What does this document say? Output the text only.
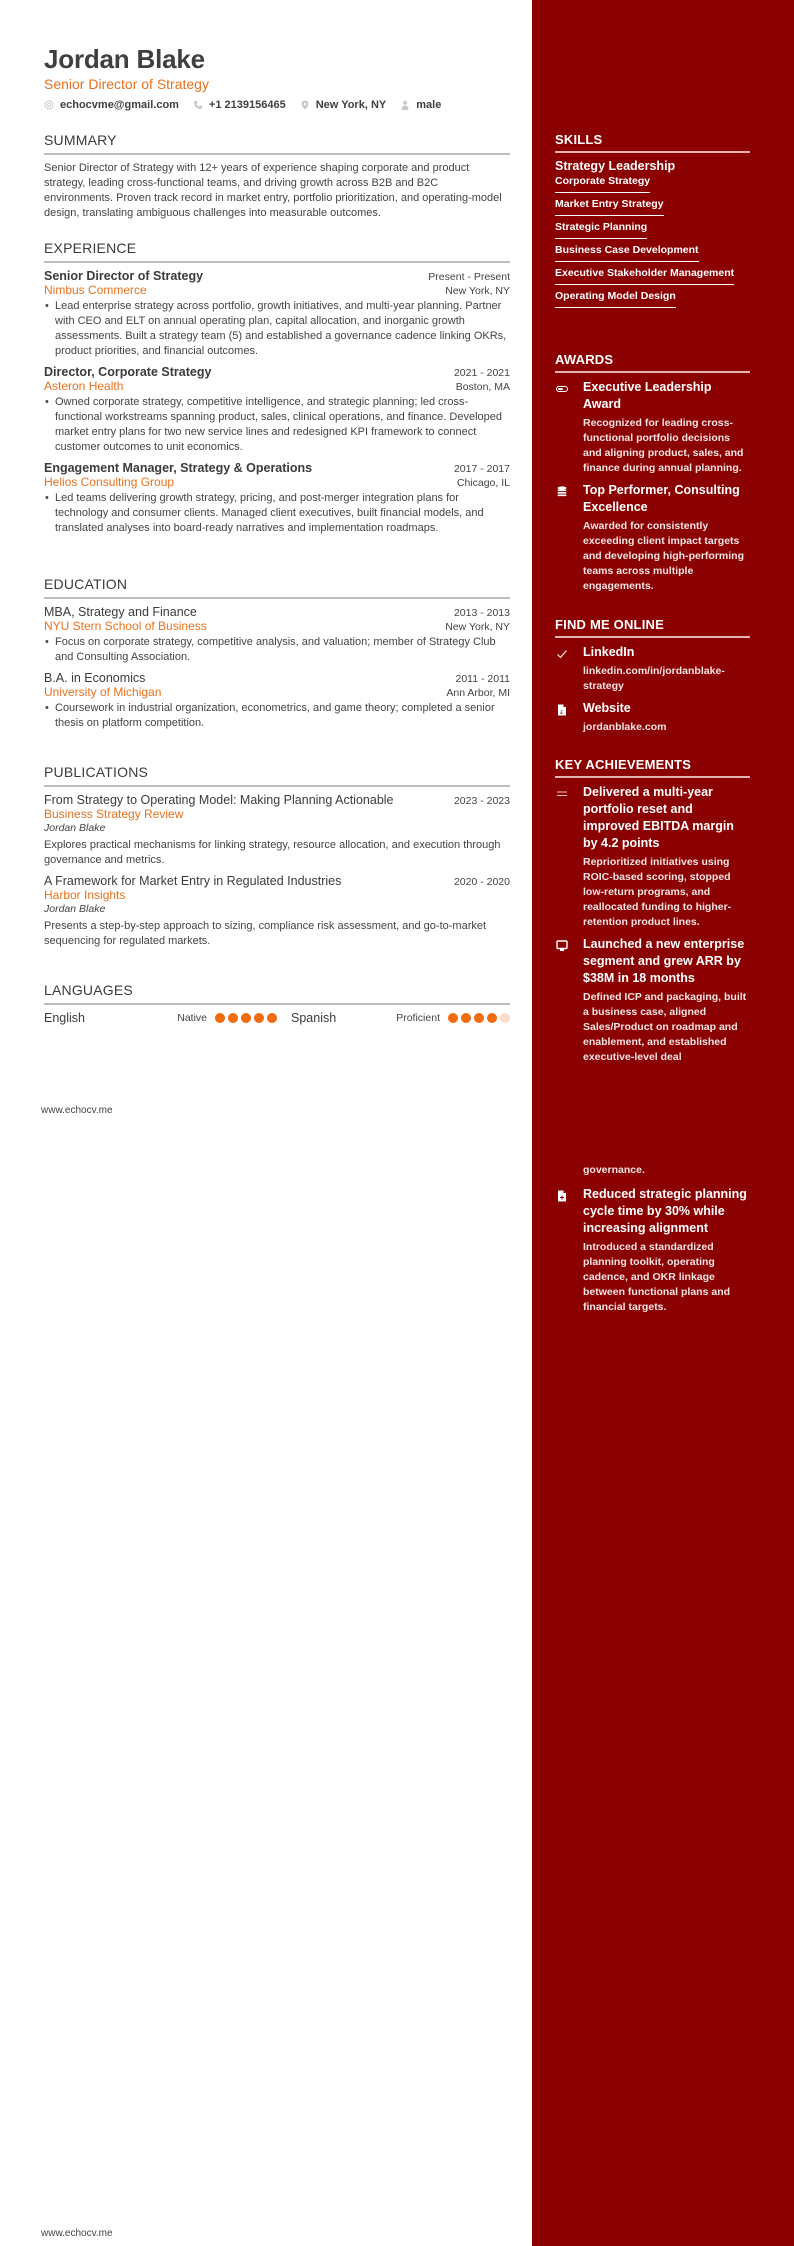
Jordan Blake
Senior Director of Strategy
echocvme@gmail.com	+1 2139156465	New York, NY	male
SUMMARY
Senior Director of Strategy with 12+ years of experience shaping corporate and product strategy, leading cross-functional teams, and driving growth across B2B and B2C environments. Proven track record in market entry, portfolio prioritization, and operating-model design, translating ambiguous challenges into measurable outcomes.
EXPERIENCE
Senior Director of Strategy	Present - Present
Nimbus Commerce	New York, NY
• Lead enterprise strategy across portfolio, growth initiatives, and multi-year planning. Partner with CEO and ELT on annual operating plan, capital allocation, and inorganic growth assessments. Built a strategy team (5) and established a governance cadence linking OKRs, product priorities, and financial outcomes.
Director, Corporate Strategy	2021 - 2021
Asteron Health	Boston, MA
• Owned corporate strategy, competitive intelligence, and strategic planning; led cross-functional workstreams spanning product, sales, clinical operations, and finance. Developed market entry plans for two new service lines and redesigned KPI framework to connect customer outcomes to unit economics.
Engagement Manager, Strategy & Operations	2017 - 2017
Helios Consulting Group	Chicago, IL
• Led teams delivering growth strategy, pricing, and post-merger integration plans for technology and consumer clients. Managed client executives, built financial models, and translated analyses into board-ready narratives and implementation roadmaps.
EDUCATION
MBA, Strategy and Finance	2013 - 2013
NYU Stern School of Business	New York, NY
• Focus on corporate strategy, competitive analysis, and valuation; member of Strategy Club and Consulting Association.
B.A. in Economics	2011 - 2011
University of Michigan	Ann Arbor, MI
• Coursework in industrial organization, econometrics, and game theory; completed a senior thesis on platform competition.
PUBLICATIONS
From Strategy to Operating Model: Making Planning Actionable	2023 - 2023
Business Strategy Review
Jordan Blake
Explores practical mechanisms for linking strategy, resource allocation, and execution through governance and metrics.
A Framework for Market Entry in Regulated Industries	2020 - 2020
Harbor Insights
Jordan Blake
Presents a step-by-step approach to sizing, compliance risk assessment, and go-to-market sequencing for regulated markets.
LANGUAGES
English	Native	Spanish	Proficient
www.echocv.me
www.echocv.me
SKILLS
Strategy Leadership
Corporate Strategy
Market Entry Strategy
Strategic Planning
Business Case Development
Executive Stakeholder Management
Operating Model Design
AWARDS
Executive Leadership Award
Recognized for leading cross-functional portfolio decisions and aligning product, sales, and finance during annual planning.
Top Performer, Consulting Excellence
Awarded for consistently exceeding client impact targets and developing high-performing teams across multiple engagements.
FIND ME ONLINE
LinkedIn
linkedin.com/in/jordanblake-strategy
£ Website
jordanblake.com
KEY ACHIEVEMENTS
Delivered a multi-year portfolio reset and improved EBITDA margin by 4.2 points
Reprioritized initiatives using ROIC-based scoring, stopped low-return programs, and reallocated funding to higher-retention product lines.
Launched a new enterprise segment and grew ARR by $38M in 18 months
Defined ICP and packaging, built a business case, aligned Sales/Product on roadmap and enablement, and established executive-level deal
governance.
Reduced strategic planning cycle time by 30% while increasing alignment
Introduced a standardized planning toolkit, operating cadence, and OKR linkage between functional plans and financial targets.
